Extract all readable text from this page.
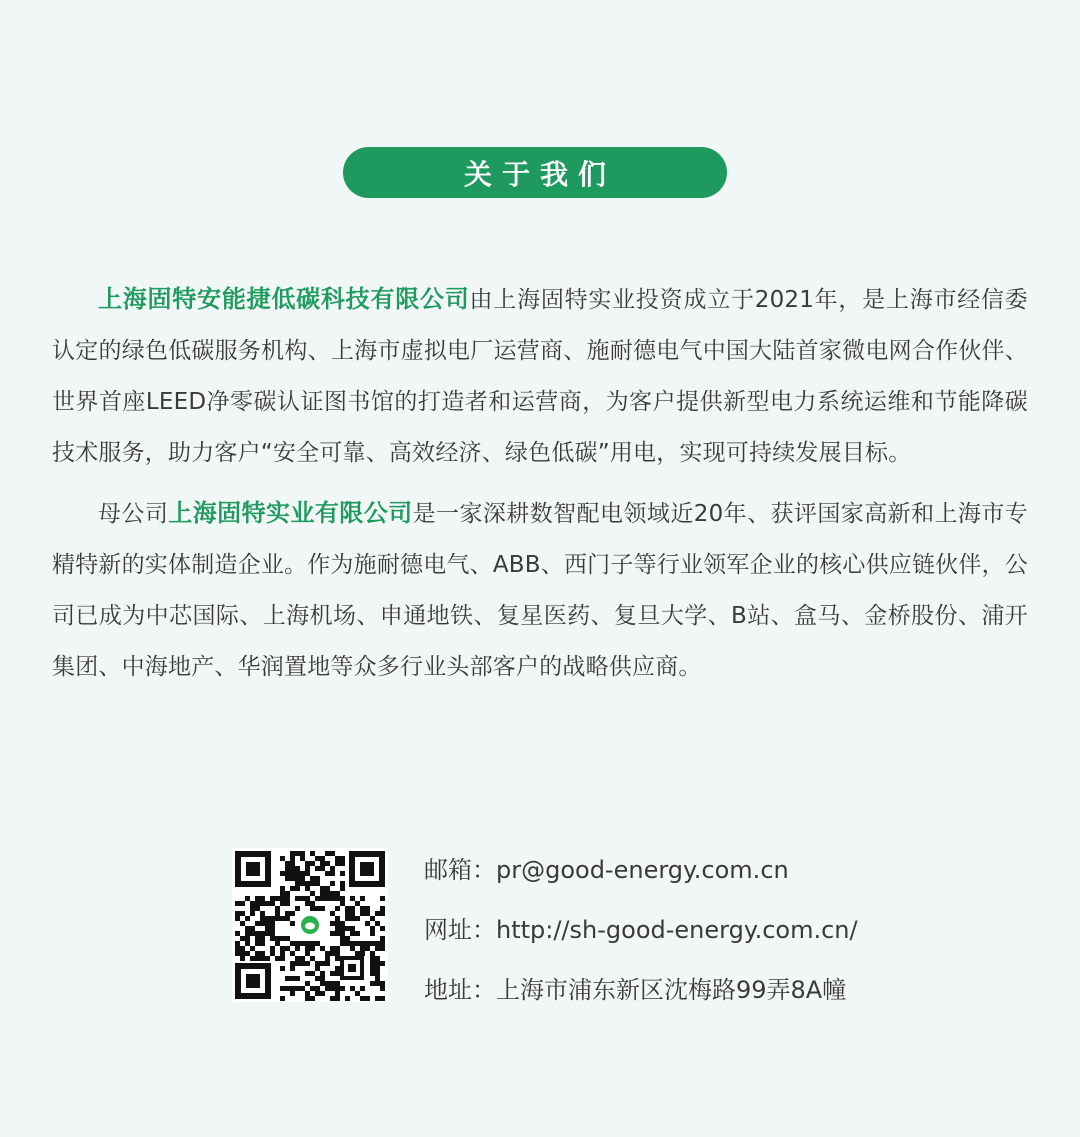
关于我们

上海固特安能捷低碳科技有限公司由上海固特实业投资成立于2021年，是上海市经信委认定的绿色低碳服务机构、上海市虚拟电厂运营商、施耐德电气中国大陆首家微电网合作伙伴、世界首座LEED净零碳认证图书馆的打造者和运营商，为客户提供新型电力系统运维和节能降碳技术服务，助力客户“安全可靠、高效经济、绿色低碳”用电，实现可持续发展目标。

母公司上海固特实业有限公司是一家深耕数智配电领域近20年、获评国家高新和上海市专精特新的实体制造企业。作为施耐德电气、ABB、西门子等行业领军企业的核心供应链伙伴，公司已成为中芯国际、上海机场、申通地铁、复星医药、复旦大学、B站、盒马、金桥股份、浦开集团、中海地产、华润置地等众多行业头部客户的战略供应商。

邮箱：pr@good-energy.com.cn
网址：http://sh-good-energy.com.cn/
地址：上海市浦东新区沈梅路99弄8A幢
